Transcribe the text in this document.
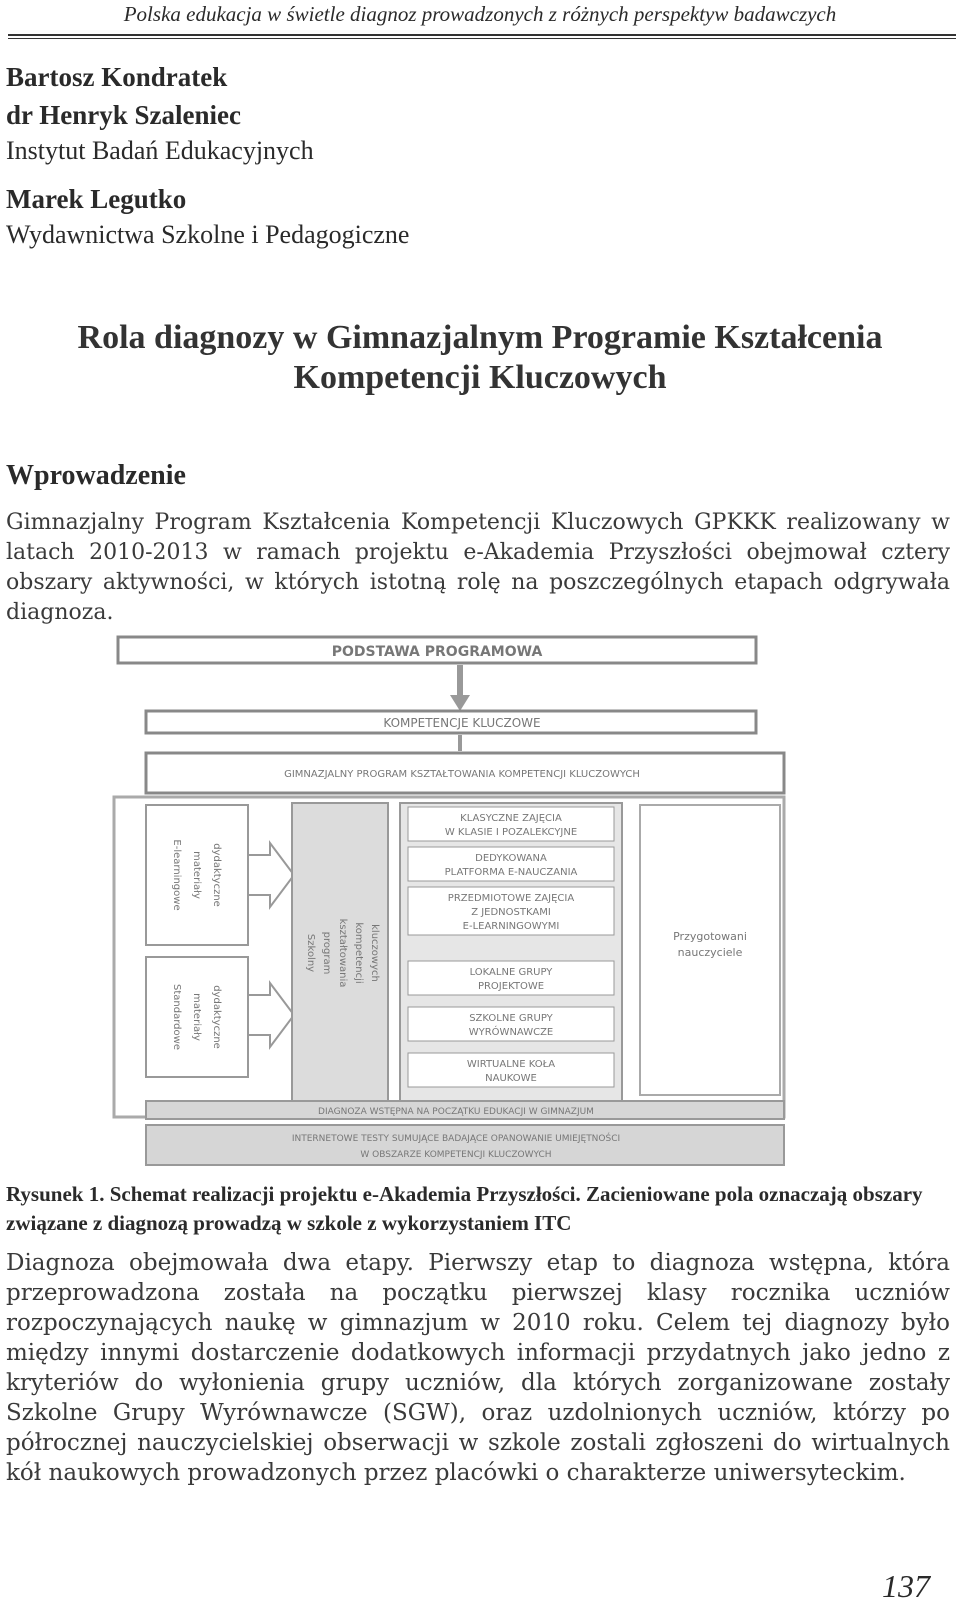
Polska edukacja w świetle diagnoz prowadzonych z różnych perspektyw badawczych
Bartosz Kondratek
dr Henryk Szaleniec
Instytut Badań Edukacyjnych
Marek Legutko
Wydawnictwa Szkolne i Pedagogiczne
Rola diagnozy w Gimnazjalnym Programie Kształcenia
Kompetencji Kluczowych
Wprowadzenie
Gimnazjalny Program Kształcenia Kompetencji Kluczowych GPKKK realizowany w latach 2010-2013 w ramach projektu e-Akademia Przyszłości obejmował cztery obszary aktywności, w których istotną rolę na poszczególnych etapach odgrywała diagnoza.
PODSTAWA PROGRAMOWA
KOMPETENCJE KLUCZOWE
GIMNAZJALNY PROGRAM KSZTAŁTOWANIA KOMPETENCJI KLUCZOWYCH
E-learningowe materiały dydaktyczne
Standardowe materiały dydaktyczne
Szkolny program kształtowania kompetencji kluczowych
KLASYCZNE ZAJĘCIA
W KLASIE I POZALEKCYJNE
DEDYKOWANA
PLATFORMA E-NAUCZANIA
PRZEDMIOTOWE ZAJĘCIA
Z JEDNOSTKAMI
E-LEARNINGOWYMI
LOKALNE GRUPY
PROJEKTOWE
SZKOLNE GRUPY
WYRÓWNAWCZE
WIRTUALNE KOŁA
NAUKOWE
Przygotowani
nauczyciele
DIAGNOZA WSTĘPNA NA POCZĄTKU EDUKACJI W GIMNAZJUM
INTERNETOWE TESTY SUMUJĄCE BADAJĄCE OPANOWANIE UMIEJĘTNOŚCI
W OBSZARZE KOMPETENCJI KLUCZOWYCH
Rysunek 1. Schemat realizacji projektu e-Akademia Przyszłości. Zacieniowane pola oznaczają obszary związane z diagnozą prowadzą w szkole z wykorzystaniem ITC
Diagnoza obejmowała dwa etapy. Pierwszy etap to diagnoza wstępna, która przeprowadzona została na początku pierwszej klasy rocznika uczniów rozpoczynających naukę w gimnazjum w 2010 roku. Celem tej diagnozy było między innymi dostarczenie dodatkowych informacji przydatnych jako jedno z kryteriów do wyłonienia grupy uczniów, dla których zorganizowane zostały Szkolne Grupy Wyrównawcze (SGW), oraz uzdolnionych uczniów, którzy po półrocznej nauczycielskiej obserwacji w szkole zostali zgłoszeni do wirtualnych kół naukowych prowadzonych przez placówki o charakterze uniwersyteckim.
137
